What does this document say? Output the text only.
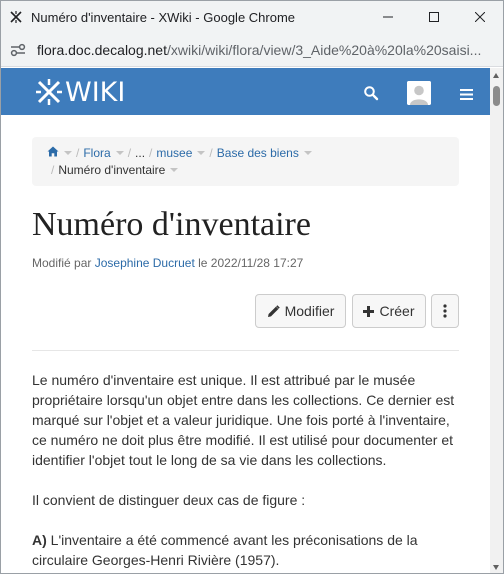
Numéro d'inventaire - XWiki - Google Chrome
flora.doc.decalog.net/xwiki/wiki/flora/view/3_Aide%20à%20la%20saisi...
WIKI
/ Flora / ... / musee / Base des biens
/ Numéro d'inventaire
Numéro d'inventaire
Modifié par Josephine Ducruet le 2022/11/28 17:27
Modifier	Créer

Le numéro d'inventaire est unique. Il est attribué par le musée propriétaire lorsqu'un objet entre dans les collections. Ce dernier est marqué sur l'objet et a valeur juridique. Une fois porté à l'inventaire, ce numéro ne doit plus être modifié. Il est utilisé pour documenter et identifier l'objet tout le long de sa vie dans les collections.

Il convient de distinguer deux cas de figure :

A) L'inventaire a été commencé avant les préconisations de la circulaire Georges-Henri Rivière (1957).
